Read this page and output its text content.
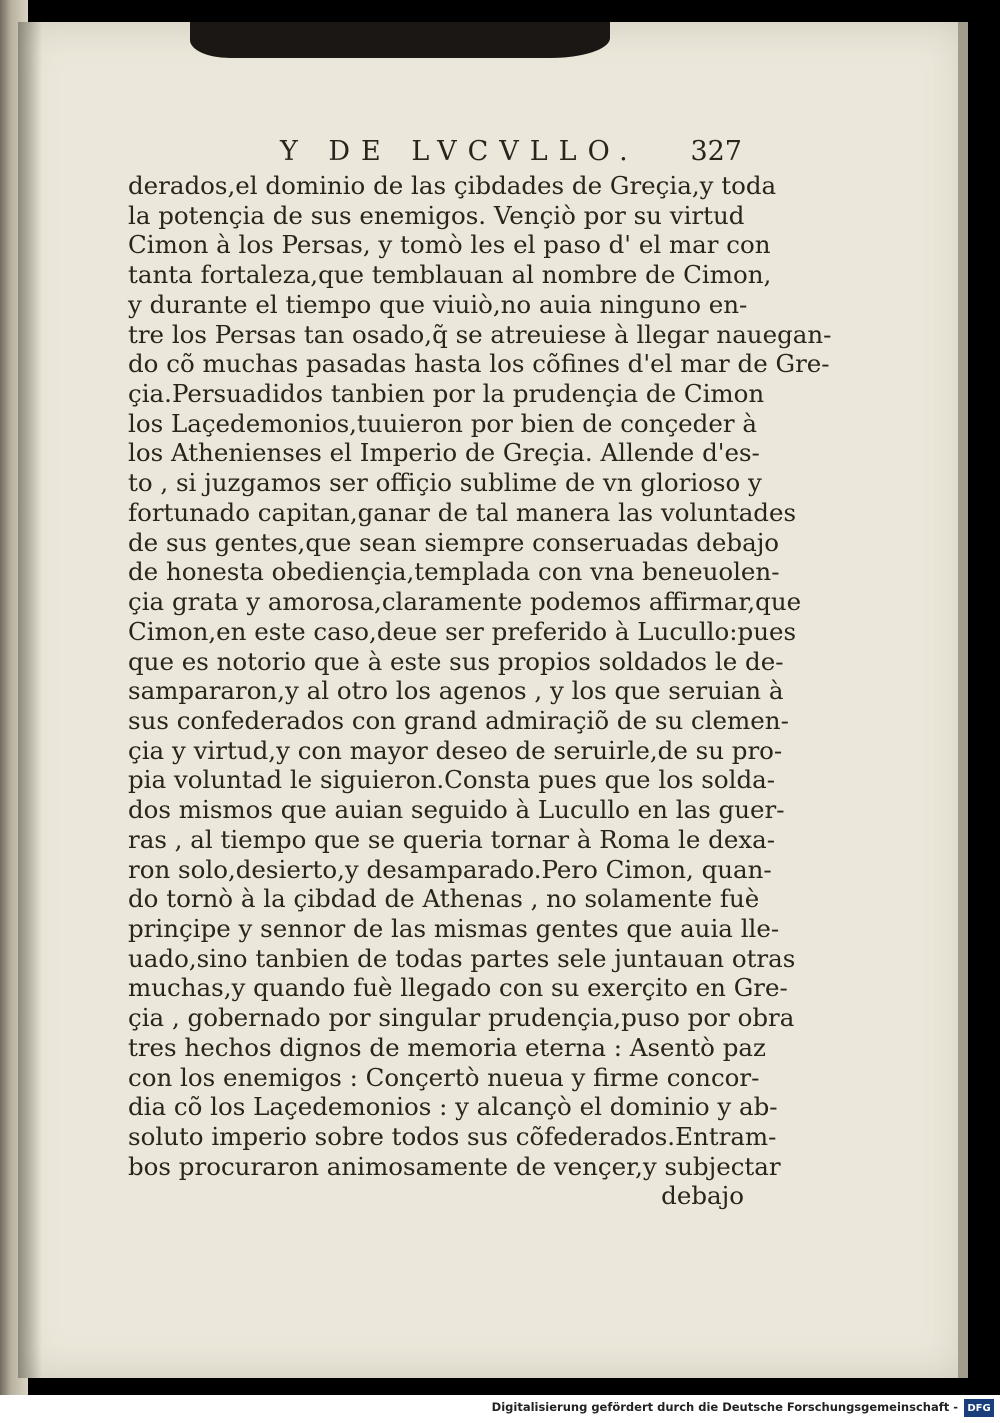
Y DE LVCVLLO. 327
derados,el dominio de las çibdades de Greçia,y toda
la potençia de sus enemigos. Vençiò por su virtud
Cimon à los Persas, y tomò les el paso d' el mar con
tanta fortaleza,que temblauan al nombre de Cimon,
y durante el tiempo que viuiò,no auia ninguno en-
tre los Persas tan osado,q̃ se atreuiese à llegar nauegan-
do cõ muchas pasadas hasta los cõfines d'el mar de Gre-
çia.Persuadidos tanbien por la prudençia de Cimon
los Laçedemonios,tuuieron por bien de conçeder à
los Athenienses el Imperio de Greçia. Allende d'es-
to , si juzgamos ser offiçio sublime de vn glorioso y
fortunado capitan,ganar de tal manera las voluntades
de sus gentes,que sean siempre conseruadas debajo
de honesta obediençia,templada con vna beneuolen-
çia grata y amorosa,claramente podemos affirmar,que
Cimon,en este caso,deue ser preferido à Lucullo:pues
que es notorio que à este sus propios soldados le de-
sampararon,y al otro los agenos , y los que seruian à
sus confederados con grand admiraçiõ de su clemen-
çia y virtud,y con mayor deseo de seruirle,de su pro-
pia voluntad le siguieron.Consta pues que los solda-
dos mismos que auian seguido à Lucullo en las guer-
ras , al tiempo que se queria tornar à Roma le dexa-
ron solo,desierto,y desamparado.Pero Cimon, quan-
do tornò à la çibdad de Athenas , no solamente fuè
prinçipe y sennor de las mismas gentes que auia lle-
uado,sino tanbien de todas partes sele juntauan otras
muchas,y quando fuè llegado con su exerçito en Gre-
çia , gobernado por singular prudençia,puso por obra
tres hechos dignos de memoria eterna : Asentò paz
con los enemigos : Conçertò nueua y firme concor-
dia cõ los Laçedemonios : y alcançò el dominio y ab-
soluto imperio sobre todos sus cõfederados.Entram-
bos procuraron animosamente de vençer,y subjectar
debajo
Digitalisierung gefördert durch die Deutsche Forschungsgemeinschaft - DFG
